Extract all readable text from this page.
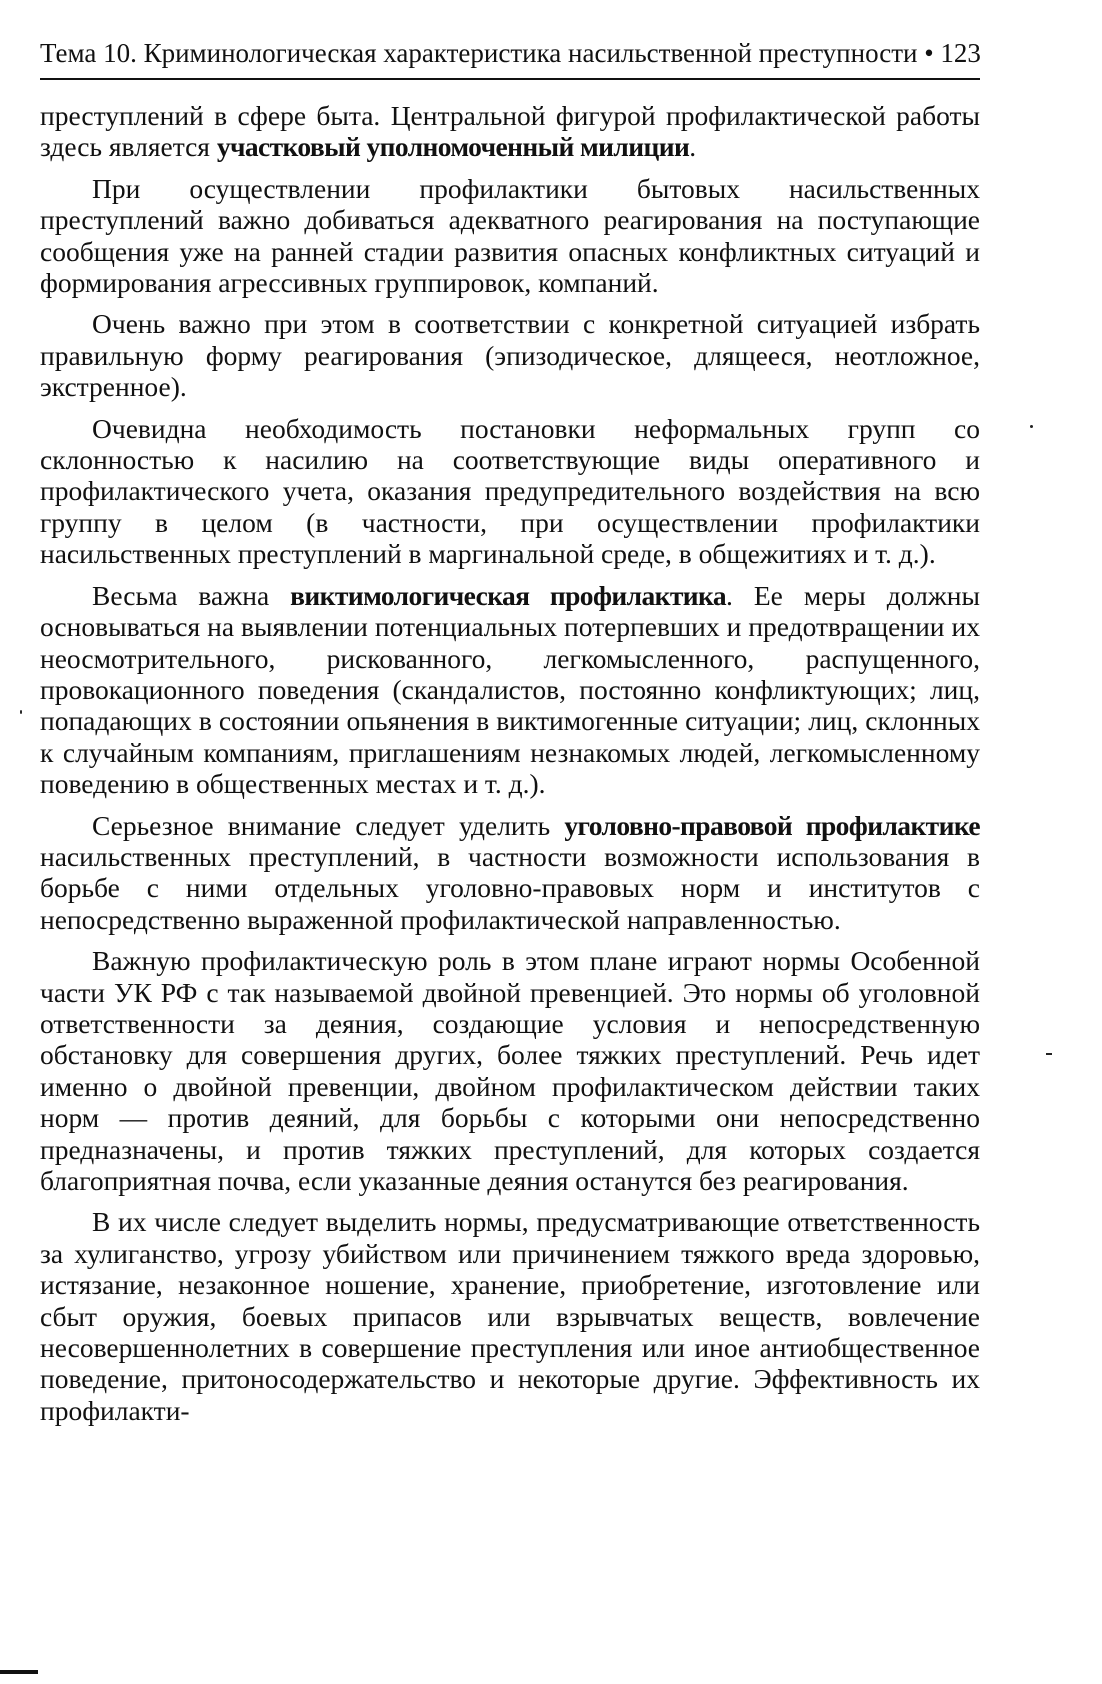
Тема 10. Криминологическая характеристика насильственной преступности • 123

преступлений в сфере быта. Центральной фигурой профилактической работы здесь является участковый уполномоченный милиции.

При осуществлении профилактики бытовых насильственных преступлений важно добиваться адекватного реагирования на поступающие сообщения уже на ранней стадии развития опасных конфликтных ситуаций и формирования агрессивных группировок, компаний.

Очень важно при этом в соответствии с конкретной ситуацией избрать правильную форму реагирования (эпизодическое, длящееся, неотложное, экстренное).

Очевидна необходимость постановки неформальных групп со склонностью к насилию на соответствующие виды оперативного и профилактического учета, оказания предупредительного воздействия на всю группу в целом (в частности, при осуществлении профилактики насильственных преступлений в маргинальной среде, в общежитиях и т. д.).

Весьма важна виктимологическая профилактика. Ее меры должны основываться на выявлении потенциальных потерпевших и предотвращении их неосмотрительного, рискованного, легкомысленного, распущенного, провокационного поведения (скандалистов, постоянно конфликтующих; лиц, попадающих в состоянии опьянения в виктимогенные ситуации; лиц, склонных к случайным компаниям, приглашениям незнакомых людей, легкомысленному поведению в общественных местах и т. д.).

Серьезное внимание следует уделить уголовно-правовой профилактике насильственных преступлений, в частности возможности использования в борьбе с ними отдельных уголовно-правовых норм и институтов с непосредственно выраженной профилактической направленностью.

Важную профилактическую роль в этом плане играют нормы Особенной части УК РФ с так называемой двойной превенцией. Это нормы об уголовной ответственности за деяния, создающие условия и непосредственную обстановку для совершения других, более тяжких преступлений. Речь идет именно о двойной превенции, двойном профилактическом действии таких норм — против деяний, для борьбы с которыми они непосредственно предназначены, и против тяжких преступлений, для которых создается благоприятная почва, если указанные деяния останутся без реагирования.

В их числе следует выделить нормы, предусматривающие ответственность за хулиганство, угрозу убийством или причинением тяжкого вреда здоровью, истязание, незаконное ношение, хранение, приобретение, изготовление или сбыт оружия, боевых припасов или взрывчатых веществ, вовлечение несовершеннолетних в совершение преступления или иное антиобщественное поведение, притоносодержательство и некоторые другие. Эффективность их профилакти-
